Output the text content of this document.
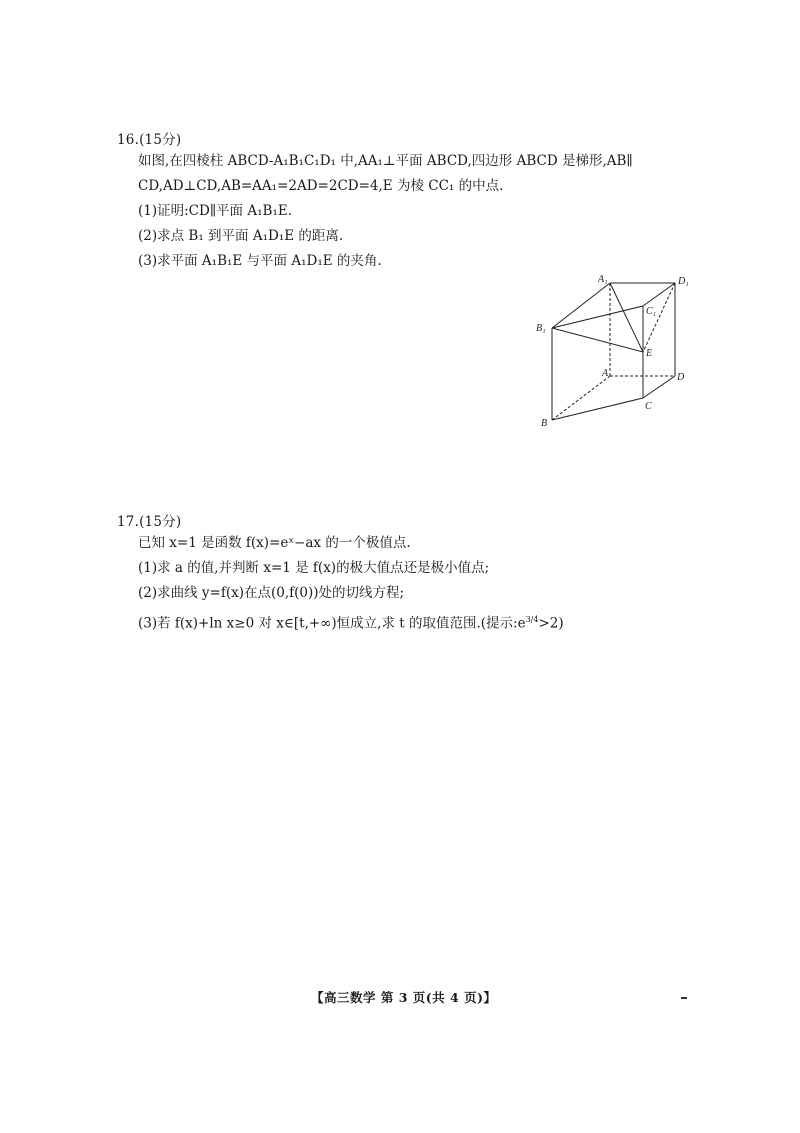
16.(15分)
如图,在四棱柱 ABCD-A₁B₁C₁D₁ 中,AA₁⊥平面 ABCD,四边形 ABCD 是梯形,AB∥
CD,AD⊥CD,AB=AA₁=2AD=2CD=4,E 为棱 CC₁ 的中点.
(1)证明:CD∥平面 A₁B₁E.
(2)求点 B₁ 到平面 A₁D₁E 的距离.
(3)求平面 A₁B₁E 与平面 A₁D₁E 的夹角.
A₁	D₁
C₁
B₁
E
A	D
C
B
17.(15分)
已知 x=1 是函数 f(x)=eˣ−ax 的一个极值点.
(1)求 a 的值,并判断 x=1 是 f(x)的极大值点还是极小值点;
(2)求曲线 y=f(x)在点(0,f(0))处的切线方程;
(3)若 f(x)+ln x≥0 对 x∈[t,+∞)恒成立,求 t 的取值范围.(提示$:e^{3/4}>2$)
【高三数学 第 3 页(共 4 页)】
